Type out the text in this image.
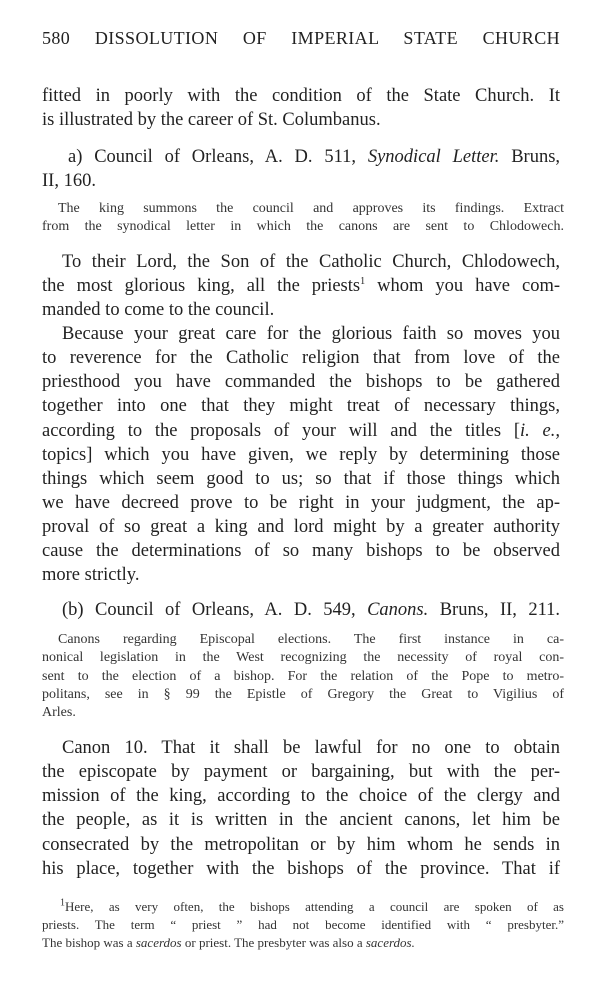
580 DISSOLUTION OF IMPERIAL STATE CHURCH
fitted in poorly with the condition of the State Church. It
is illustrated by the career of St. Columbanus.
a) Council of Orleans, A. D. 511, Synodical Letter. Bruns,
II, 160.
The king summons the council and approves its findings. Extract
from the synodical letter in which the canons are sent to Chlodowech.
To their Lord, the Son of the Catholic Church, Chlodowech,
the most glorious king, all the priests$^1$ whom you have com-
manded to come to the council.
Because your great care for the glorious faith so moves you
to reverence for the Catholic religion that from love of the
priesthood you have commanded the bishops to be gathered
together into one that they might treat of necessary things,
according to the proposals of your will and the titles [i. e.,
topics] which you have given, we reply by determining those
things which seem good to us; so that if those things which
we have decreed prove to be right in your judgment, the ap-
proval of so great a king and lord might by a greater authority
cause the determinations of so many bishops to be observed
more strictly.
(b) Council of Orleans, A. D. 549, Canons. Bruns, II, 211.
Canons regarding Episcopal elections. The first instance in ca-
nonical legislation in the West recognizing the necessity of royal con-
sent to the election of a bishop. For the relation of the Pope to metro-
politans, see in § 99 the Epistle of Gregory the Great to Vigilius of
Arles.
Canon 10. That it shall be lawful for no one to obtain
the episcopate by payment or bargaining, but with the per-
mission of the king, according to the choice of the clergy and
the people, as it is written in the ancient canons, let him be
consecrated by the metropolitan or by him whom he sends in
his place, together with the bishops of the province. That if
$^1$Here, as very often, the bishops attending a council are spoken of as
priests. The term “ priest ” had not become identified with “ presbyter.”
The bishop was a sacerdos or priest. The presbyter was also a sacerdos.
